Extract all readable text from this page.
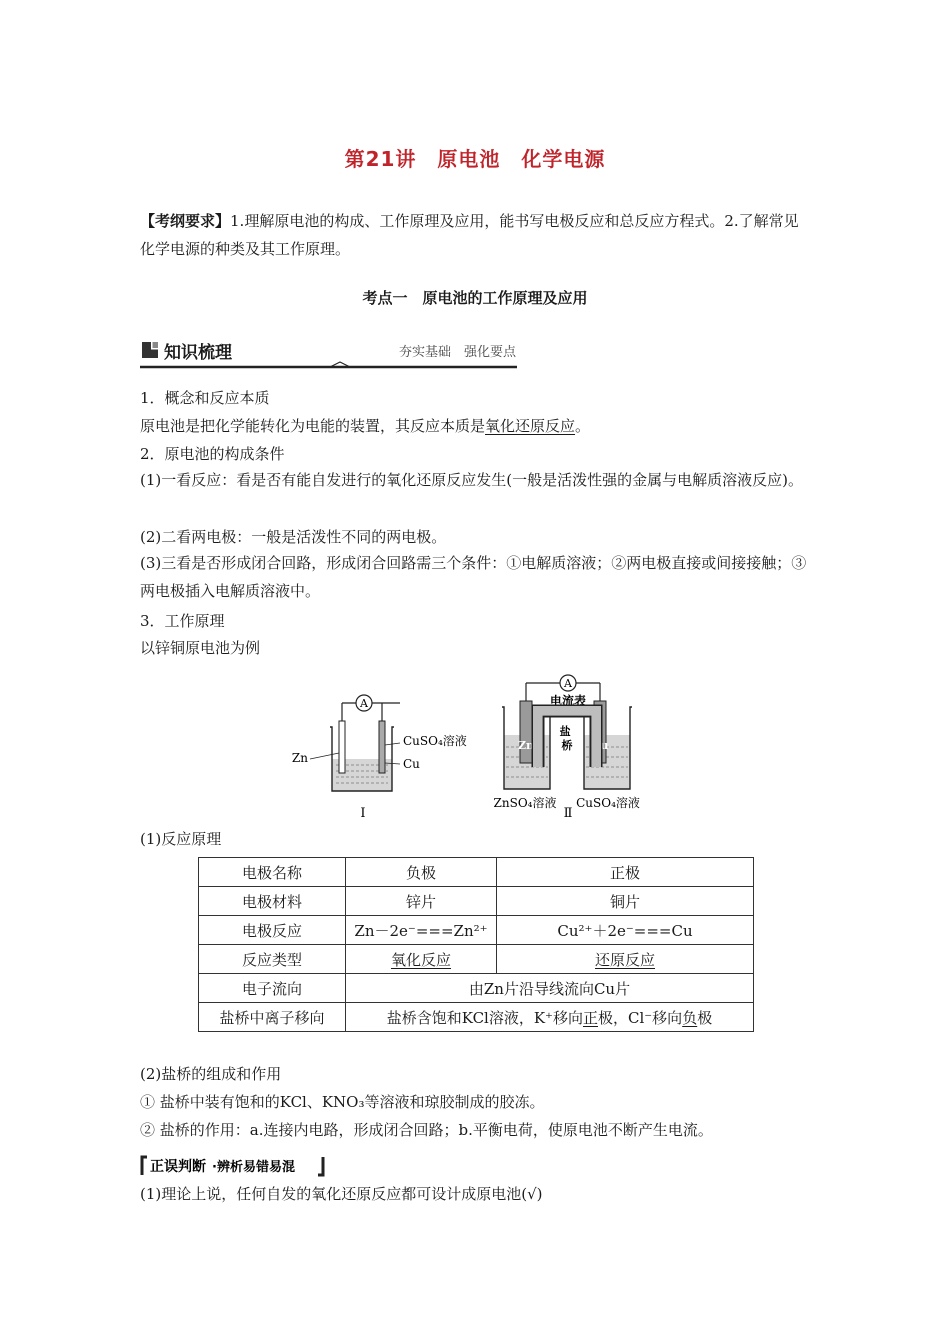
第21讲　原电池　化学电源
【考纲要求】1.理解原电池的构成、工作原理及应用，能书写电极反应和总反应方程式。2.了解常见化学电源的种类及其工作原理。
考点一　原电池的工作原理及应用
知识梳理	夯实基础　强化要点
1．概念和反应本质
原电池是把化学能转化为电能的装置，其反应本质是氧化还原反应。
2．原电池的构成条件
(1)一看反应：看是否有能自发进行的氧化还原反应发生(一般是活泼性强的金属与电解质溶液反应)。
(2)二看两电极：一般是活泼性不同的两电极。
(3)三看是否形成闭合回路，形成闭合回路需三个条件：①电解质溶液；②两电极直接或间接接触；③两电极插入电解质溶液中。
3．工作原理
以锌铜原电池为例
A
Zn
CuSO₄溶液
Cu
I
A
电流表
Zn	Cu
盐 桥
ZnSO₄溶液 CuSO₄溶液
Ⅱ
(1)反应原理
电极名称	负极	正极
电极材料	锌片	铜片
电极反应	Zn－2e⁻===Zn²⁺	Cu²⁺＋2e⁻===Cu
反应类型	氧化反应	还原反应
电子流向	由Zn片沿导线流向Cu片	
盐桥中离子移向	盐桥含饱和KCl溶液，K⁺移向正极，Cl⁻移向负极	
(2)盐桥的组成和作用
① 盐桥中装有饱和的KCl、KNO₃等溶液和琼胶制成的胶冻。
② 盐桥的作用：a.连接内电路，形成闭合回路；b.平衡电荷，使原电池不断产生电流。
正误判断 ·辨析易错易混
(1)理论上说，任何自发的氧化还原反应都可设计成原电池(√)
